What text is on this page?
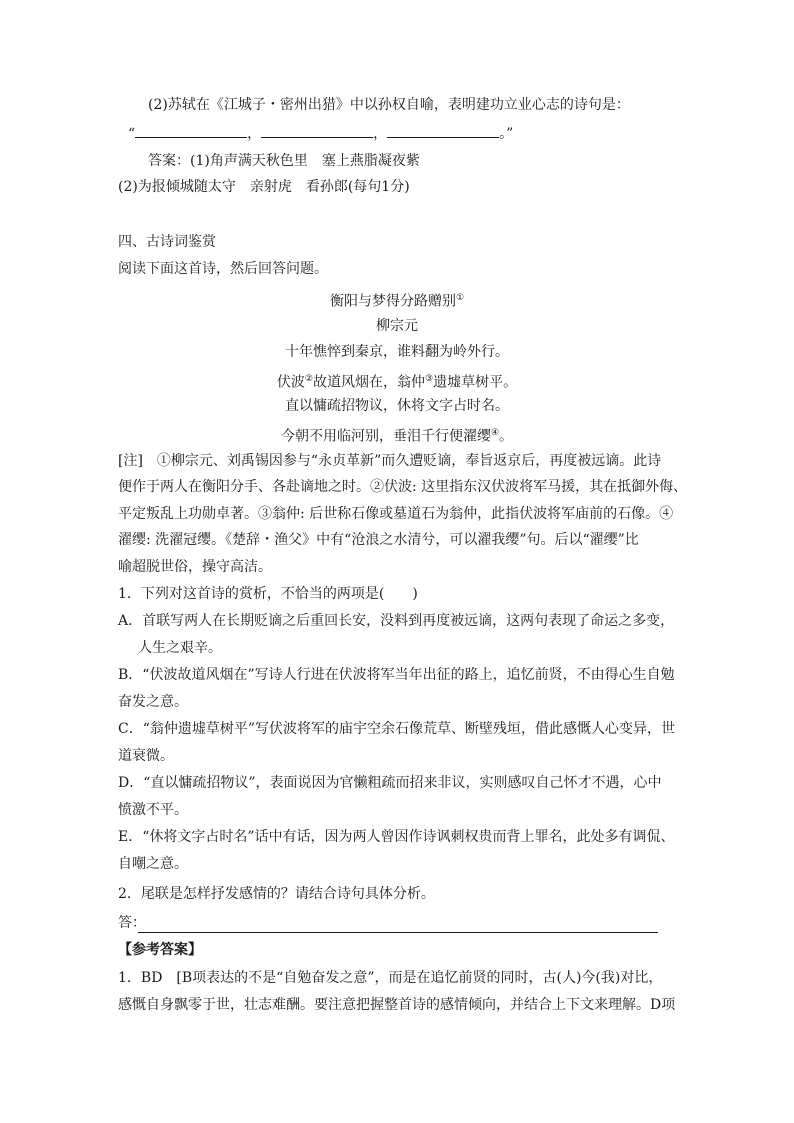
(2)苏轼在《江城子・密州出猎》中以孙权自喻，表明建功立业心志的诗句是：
“	，	，	。”
答案：(1)角声满天秋色里　塞上燕脂凝夜紫
(2)为报倾城随太守　亲射虎　看孙郎(每句1分)
四、古诗词鉴赏
阅读下面这首诗，然后回答问题。
衡阳与梦得分路赠别①
柳宗元
十年憔悴到秦京，谁料翻为岭外行。
伏波②故道风烟在，翁仲③遗墟草树平。
直以慵疏招物议，休将文字占时名。
今朝不用临河别，垂泪千行便濯缨④。
[注]　①柳宗元、刘禹锡因参与“永贞革新”而久遭贬谪，奉旨返京后，再度被远谪。此诗
便作于两人在衡阳分手、各赴谪地之时。②伏波: 这里指东汉伏波将军马援，其在抵御外侮、
平定叛乱上功勋卓著。③翁仲: 后世称石像或墓道石为翁仲，此指伏波将军庙前的石像。④
濯缨: 洗濯冠缨。《楚辞・渔父》中有“沧浪之水清兮，可以濯我缨”句。后以“濯缨”比
喻超脱世俗，操守高洁。
1．下列对这首诗的赏析，不恰当的两项是(　　)
A．首联写两人在长期贬谪之后重回长安，没料到再度被远谪，这两句表现了命运之多变，
人生之艰辛。
B．“伏波故道风烟在”写诗人行进在伏波将军当年出征的路上，追忆前贤，不由得心生自勉
奋发之意。
C．“翁仲遗墟草树平”写伏波将军的庙宇空余石像荒草、断壁残垣，借此感慨人心变异，世
道衰微。
D．“直以慵疏招物议”，表面说因为官懒粗疏而招来非议，实则感叹自己怀才不遇，心中
愤激不平。
E．“休将文字占时名”话中有话，因为两人曾因作诗讽刺权贵而背上罪名，此处多有调侃、
自嘲之意。
2．尾联是怎样抒发感情的？请结合诗句具体分析。
答：
【参考答案】
1．BD　[B项表达的不是“自勉奋发之意”，而是在追忆前贤的同时，古(人)今(我)对比，
感慨自身飘零于世，壮志难酬。要注意把握整首诗的感情倾向，并结合上下文来理解。D项
